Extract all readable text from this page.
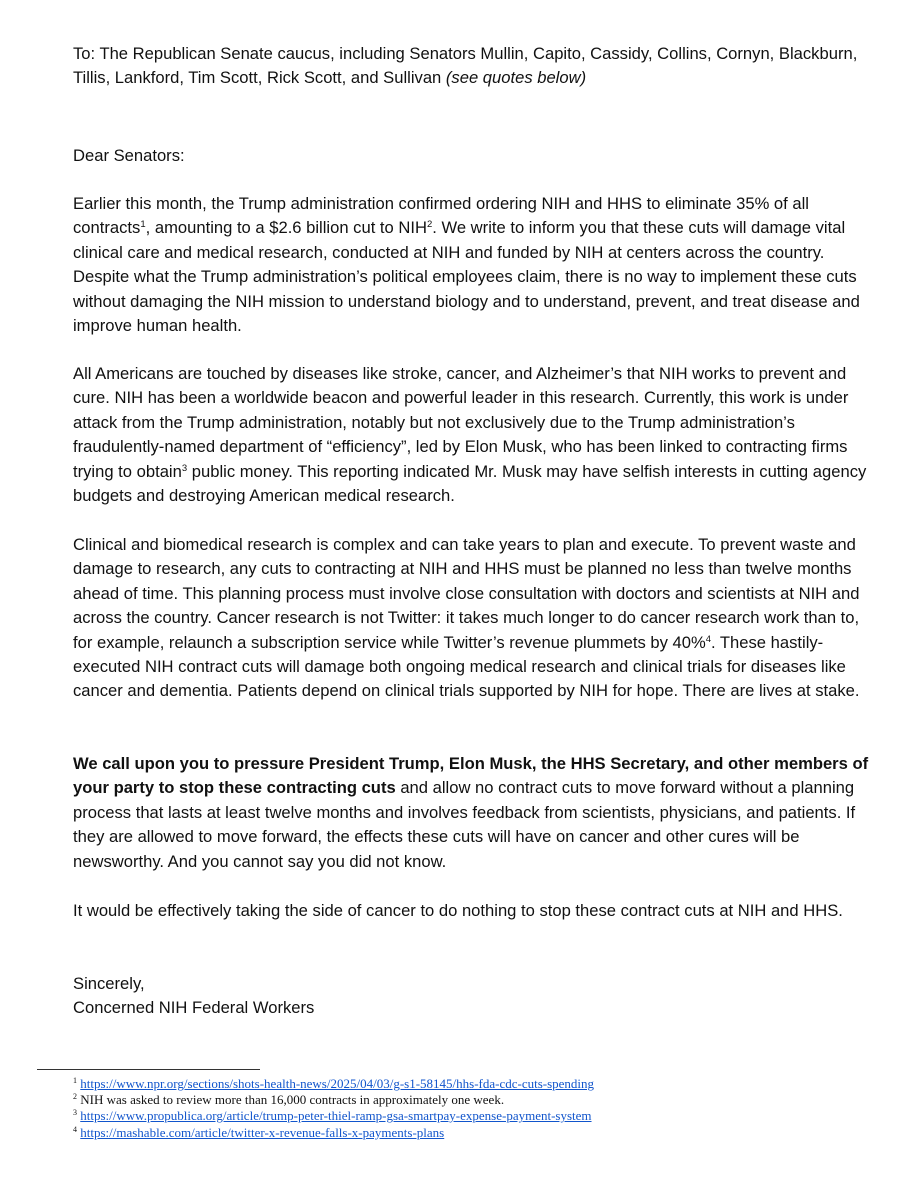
To: The Republican Senate caucus, including Senators Mullin, Capito, Cassidy, Collins, Cornyn, Blackburn, Tillis, Lankford, Tim Scott, Rick Scott, and Sullivan (see quotes below)

Dear Senators:

Earlier this month, the Trump administration confirmed ordering NIH and HHS to eliminate 35% of all contracts$^1$, amounting to a $2.6 billion cut to NIH$^2$. We write to inform you that these cuts will damage vital clinical care and medical research, conducted at NIH and funded by NIH at centers across the country. Despite what the Trump administration’s political employees claim, there is no way to implement these cuts without damaging the NIH mission to understand biology and to understand, prevent, and treat disease and improve human health.

All Americans are touched by diseases like stroke, cancer, and Alzheimer’s that NIH works to prevent and cure. NIH has been a worldwide beacon and powerful leader in this research. Currently, this work is under attack from the Trump administration, notably but not exclusively due to the Trump administration’s fraudulently-named department of “efficiency”, led by Elon Musk, who has been linked to contracting firms trying to obtain$^3$ public money. This reporting indicated Mr. Musk may have selfish interests in cutting agency budgets and destroying American medical research.

Clinical and biomedical research is complex and can take years to plan and execute. To prevent waste and damage to research, any cuts to contracting at NIH and HHS must be planned no less than twelve months ahead of time. This planning process must involve close consultation with doctors and scientists at NIH and across the country. Cancer research is not Twitter: it takes much longer to do cancer research work than to, for example, relaunch a subscription service while Twitter’s revenue plummets by 40%$^4$. These hastily-executed NIH contract cuts will damage both ongoing medical research and clinical trials for diseases like cancer and dementia. Patients depend on clinical trials supported by NIH for hope. There are lives at stake.

We call upon you to pressure President Trump, Elon Musk, the HHS Secretary, and other members of your party to stop these contracting cuts and allow no contract cuts to move forward without a planning process that lasts at least twelve months and involves feedback from scientists, physicians, and patients. If they are allowed to move forward, the effects these cuts will have on cancer and other cures will be newsworthy. And you cannot say you did not know.

It would be effectively taking the side of cancer to do nothing to stop these contract cuts at NIH and HHS.

Sincerely,

Concerned NIH Federal Workers

$^1$ https://www.npr.org/sections/shots-health-news/2025/04/03/g-s1-58145/hhs-fda-cdc-cuts-spending
$^2$ NIH was asked to review more than 16,000 contracts in approximately one week.
$^3$ https://www.propublica.org/article/trump-peter-thiel-ramp-gsa-smartpay-expense-payment-system
$^4$ https://mashable.com/article/twitter-x-revenue-falls-x-payments-plans
